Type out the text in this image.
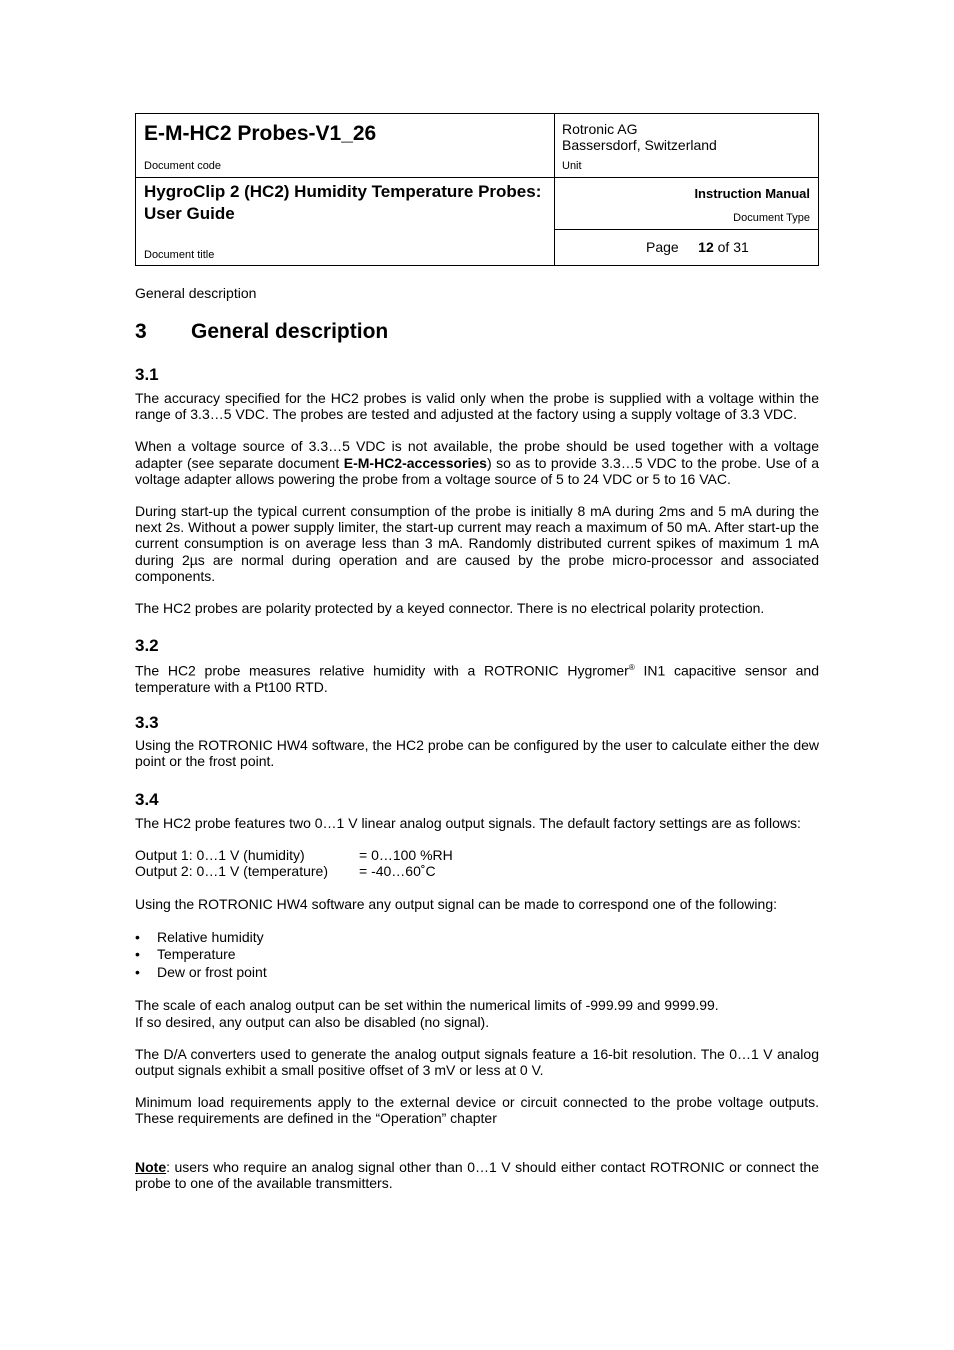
E-M-HC2 Probes-V1_26
Document code
Rotronic AG
Bassersdorf, Switzerland
Unit
HygroClip 2 (HC2) Humidity Temperature Probes: User Guide
Document title
Instruction Manual
Document Type
Page 12 of 31
General description
3 General description
3.1

The accuracy specified for the HC2 probes is valid only when the probe is supplied with a voltage within the range of 3.3…5 VDC. The probes are tested and adjusted at the factory using a supply voltage of 3.3 VDC.

When a voltage source of 3.3…5 VDC is not available, the probe should be used together with a voltage adapter (see separate document E-M-HC2-accessories) so as to provide 3.3…5 VDC to the probe. Use of a voltage adapter allows powering the probe from a voltage source of 5 to 24 VDC or 5 to 16 VAC.

During start-up the typical current consumption of the probe is initially 8 mA during 2ms and 5 mA during the next 2s. Without a power supply limiter, the start-up current may reach a maximum of 50 mA. After start-up the current consumption is on average less than 3 mA. Randomly distributed current spikes of maximum 1 mA during 2µs are normal during operation and are caused by the probe micro-processor and associated components.

The HC2 probes are polarity protected by a keyed connector. There is no electrical polarity protection.

3.2

The HC2 probe measures relative humidity with a ROTRONIC Hygromer® IN1 capacitive sensor and temperature with a Pt100 RTD.

3.3

Using the ROTRONIC HW4 software, the HC2 probe can be configured by the user to calculate either the dew point or the frost point.

3.4

The HC2 probe features two 0…1 V linear analog output signals. The default factory settings are as follows:

Output 1: 0…1 V (humidity)	= 0…100 %RH
Output 2: 0…1 V (temperature)	= -40…60˚C

Using the ROTRONIC HW4 software any output signal can be made to correspond one of the following:

• Relative humidity
• Temperature
• Dew or frost point

The scale of each analog output can be set within the numerical limits of -999.99 and 9999.99.
If so desired, any output can also be disabled (no signal).

The D/A converters used to generate the analog output signals feature a 16-bit resolution. The 0…1 V analog output signals exhibit a small positive offset of 3 mV or less at 0 V.

Minimum load requirements apply to the external device or circuit connected to the probe voltage outputs. These requirements are defined in the “Operation” chapter

Note: users who require an analog signal other than 0…1 V should either contact ROTRONIC or connect the probe to one of the available transmitters.
